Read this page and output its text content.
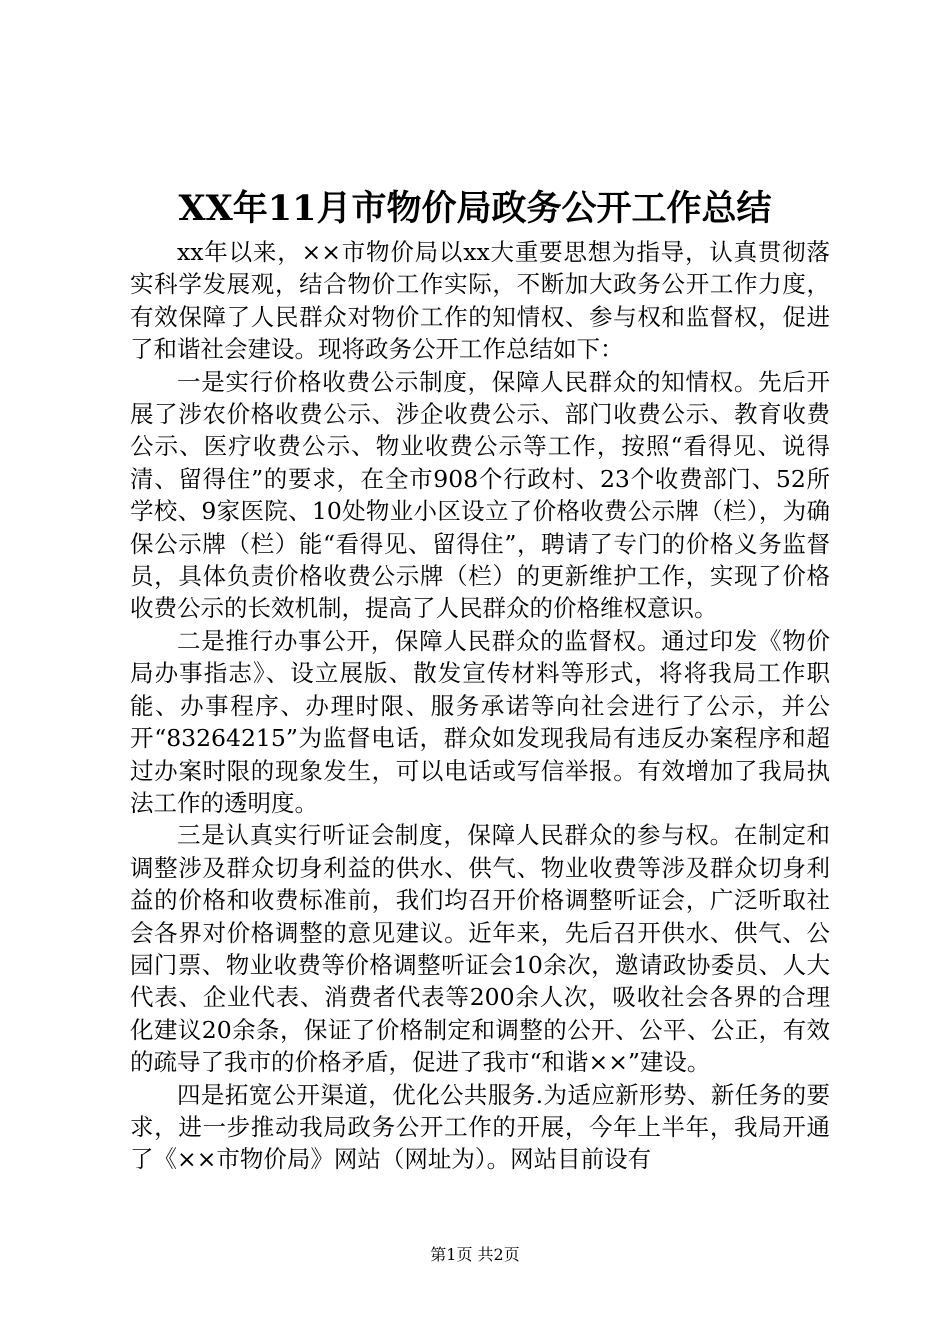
XX年11月市物价局政务公开工作总结

xx年以来，××市物价局以xx大重要思想为指导，认真贯彻落实科学发展观，结合物价工作实际，不断加大政务公开工作力度，有效保障了人民群众对物价工作的知情权、参与权和监督权，促进了和谐社会建设。现将政务公开工作总结如下：

一是实行价格收费公示制度，保障人民群众的知情权。先后开展了涉农价格收费公示、涉企收费公示、部门收费公示、教育收费公示、医疗收费公示、物业收费公示等工作，按照“看得见、说得清、留得住”的要求，在全市908个行政村、23个收费部门、52所学校、9家医院、10处物业小区设立了价格收费公示牌（栏），为确保公示牌（栏）能“看得见、留得住”，聘请了专门的价格义务监督员，具体负责价格收费公示牌（栏）的更新维护工作，实现了价格收费公示的长效机制，提高了人民群众的价格维权意识。

二是推行办事公开，保障人民群众的监督权。通过印发《物价局办事指志》、设立展版、散发宣传材料等形式，将将我局工作职能、办事程序、办理时限、服务承诺等向社会进行了公示，并公开“83264215”为监督电话，群众如发现我局有违反办案程序和超过办案时限的现象发生，可以电话或写信举报。有效增加了我局执法工作的透明度。

三是认真实行听证会制度，保障人民群众的参与权。在制定和调整涉及群众切身利益的供水、供气、物业收费等涉及群众切身利益的价格和收费标准前，我们均召开价格调整听证会，广泛听取社会各界对价格调整的意见建议。近年来，先后召开供水、供气、公园门票、物业收费等价格调整听证会10余次，邀请政协委员、人大代表、企业代表、消费者代表等200余人次，吸收社会各界的合理化建议20余条，保证了价格制定和调整的公开、公平、公正，有效的疏导了我市的价格矛盾，促进了我市“和谐××”建设。

四是拓宽公开渠道，优化公共服务.为适应新形势、新任务的要求，进一步推动我局政务公开工作的开展，今年上半年，我局开通了《××市物价局》网站（网址为）。网站目前设有

第1页 共2页
